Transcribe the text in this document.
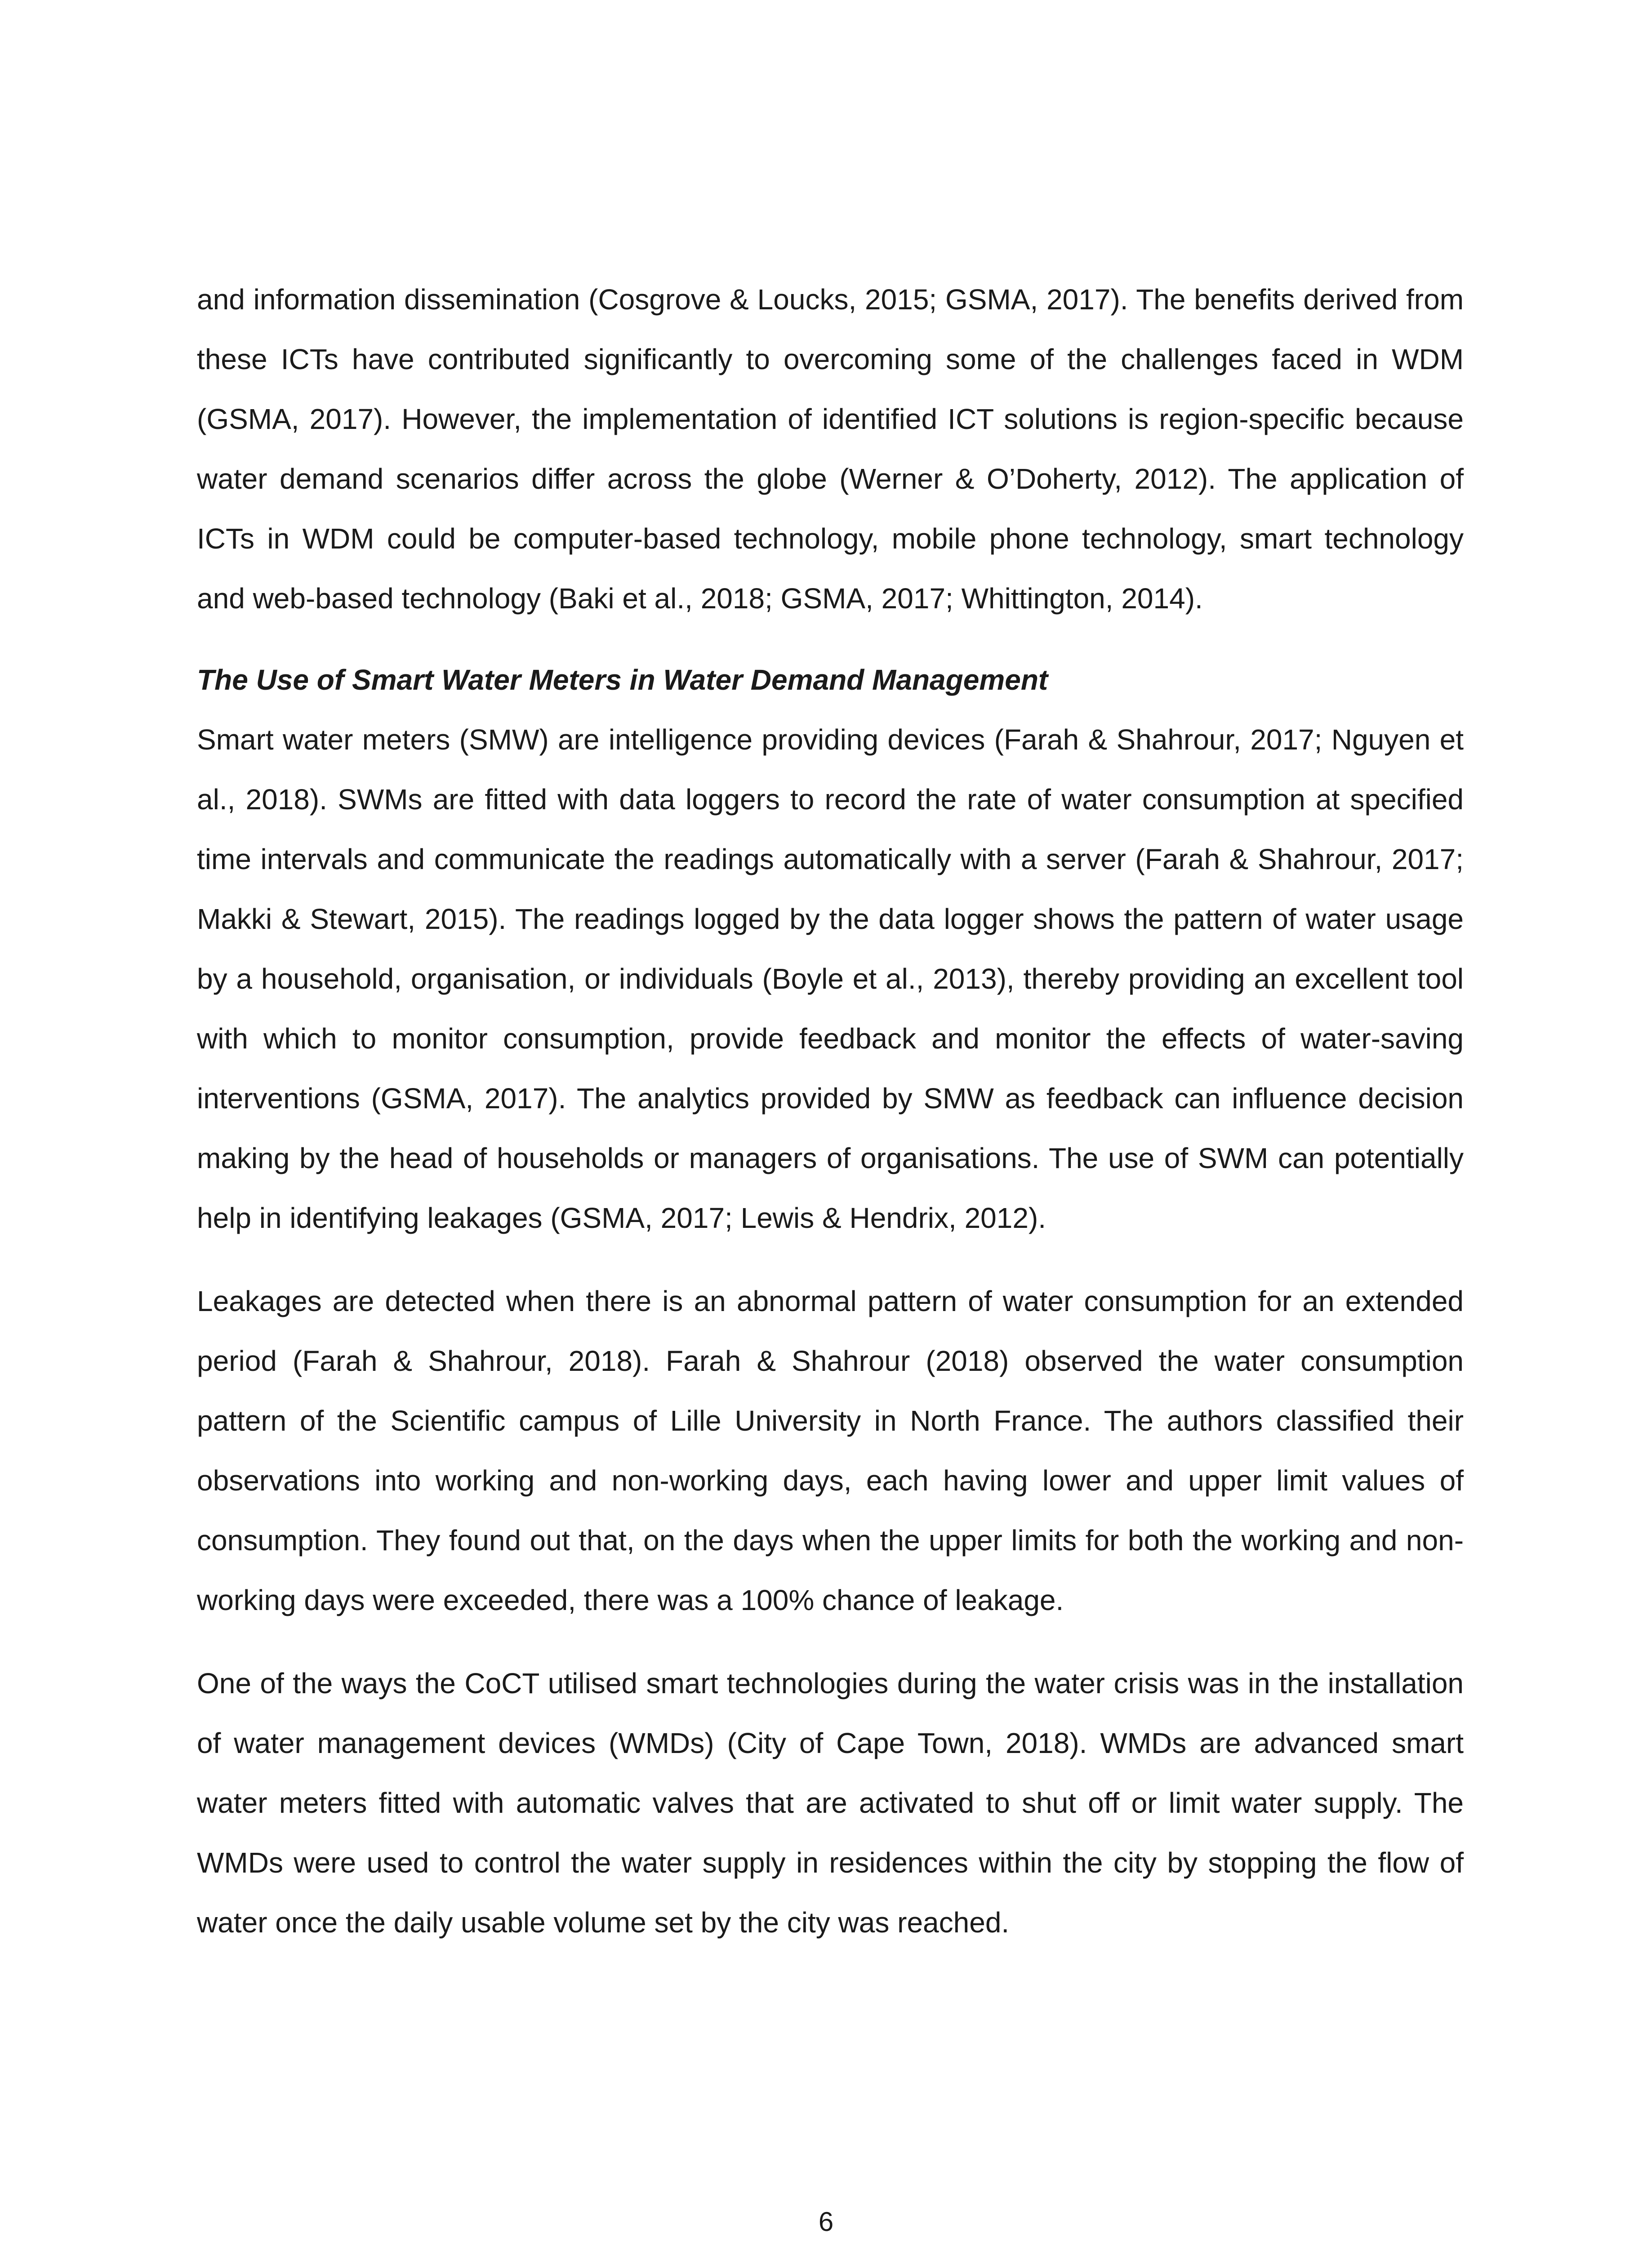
and information dissemination (Cosgrove & Loucks, 2015; GSMA, 2017). The benefits derived from these ICTs have contributed significantly to overcoming some of the challenges faced in WDM (GSMA, 2017). However, the implementation of identified ICT solutions is region-specific because water demand scenarios differ across the globe (Werner & O’Doherty, 2012). The application of ICTs in WDM could be computer-based technology, mobile phone technology, smart technology and web-based technology (Baki et al., 2018; GSMA, 2017; Whittington, 2014).

The Use of Smart Water Meters in Water Demand Management

Smart water meters (SMW) are intelligence providing devices (Farah & Shahrour, 2017; Nguyen et al., 2018). SWMs are fitted with data loggers to record the rate of water consumption at specified time intervals and communicate the readings automatically with a server (Farah & Shahrour, 2017; Makki & Stewart, 2015). The readings logged by the data logger shows the pattern of water usage by a household, organisation, or individuals (Boyle et al., 2013), thereby providing an excellent tool with which to monitor consumption, provide feedback and monitor the effects of water-saving interventions (GSMA, 2017). The analytics provided by SMW as feedback can influence decision making by the head of households or managers of organisations. The use of SWM can potentially help in identifying leakages (GSMA, 2017; Lewis & Hendrix, 2012).

Leakages are detected when there is an abnormal pattern of water consumption for an extended period (Farah & Shahrour, 2018). Farah & Shahrour (2018) observed the water consumption pattern of the Scientific campus of Lille University in North France. The authors classified their observations into working and non-working days, each having lower and upper limit values of consumption. They found out that, on the days when the upper limits for both the working and non-working days were exceeded, there was a 100% chance of leakage.

One of the ways the CoCT utilised smart technologies during the water crisis was in the installation of water management devices (WMDs) (City of Cape Town, 2018). WMDs are advanced smart water meters fitted with automatic valves that are activated to shut off or limit water supply. The WMDs were used to control the water supply in residences within the city by stopping the flow of water once the daily usable volume set by the city was reached.

6
